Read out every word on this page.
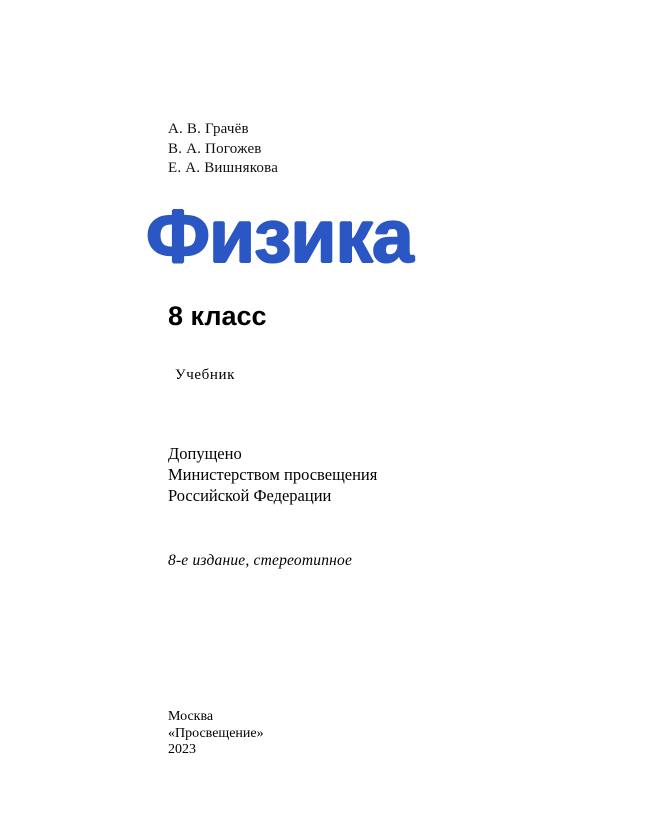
А. В. Грачёв
В. А. Погожев
Е. А. Вишнякова
Физика
8 класс
Учебник
Допущено
Министерством просвещения
Российской Федерации
8-е издание, стереотипное
Москва
«Просвещение»
2023
